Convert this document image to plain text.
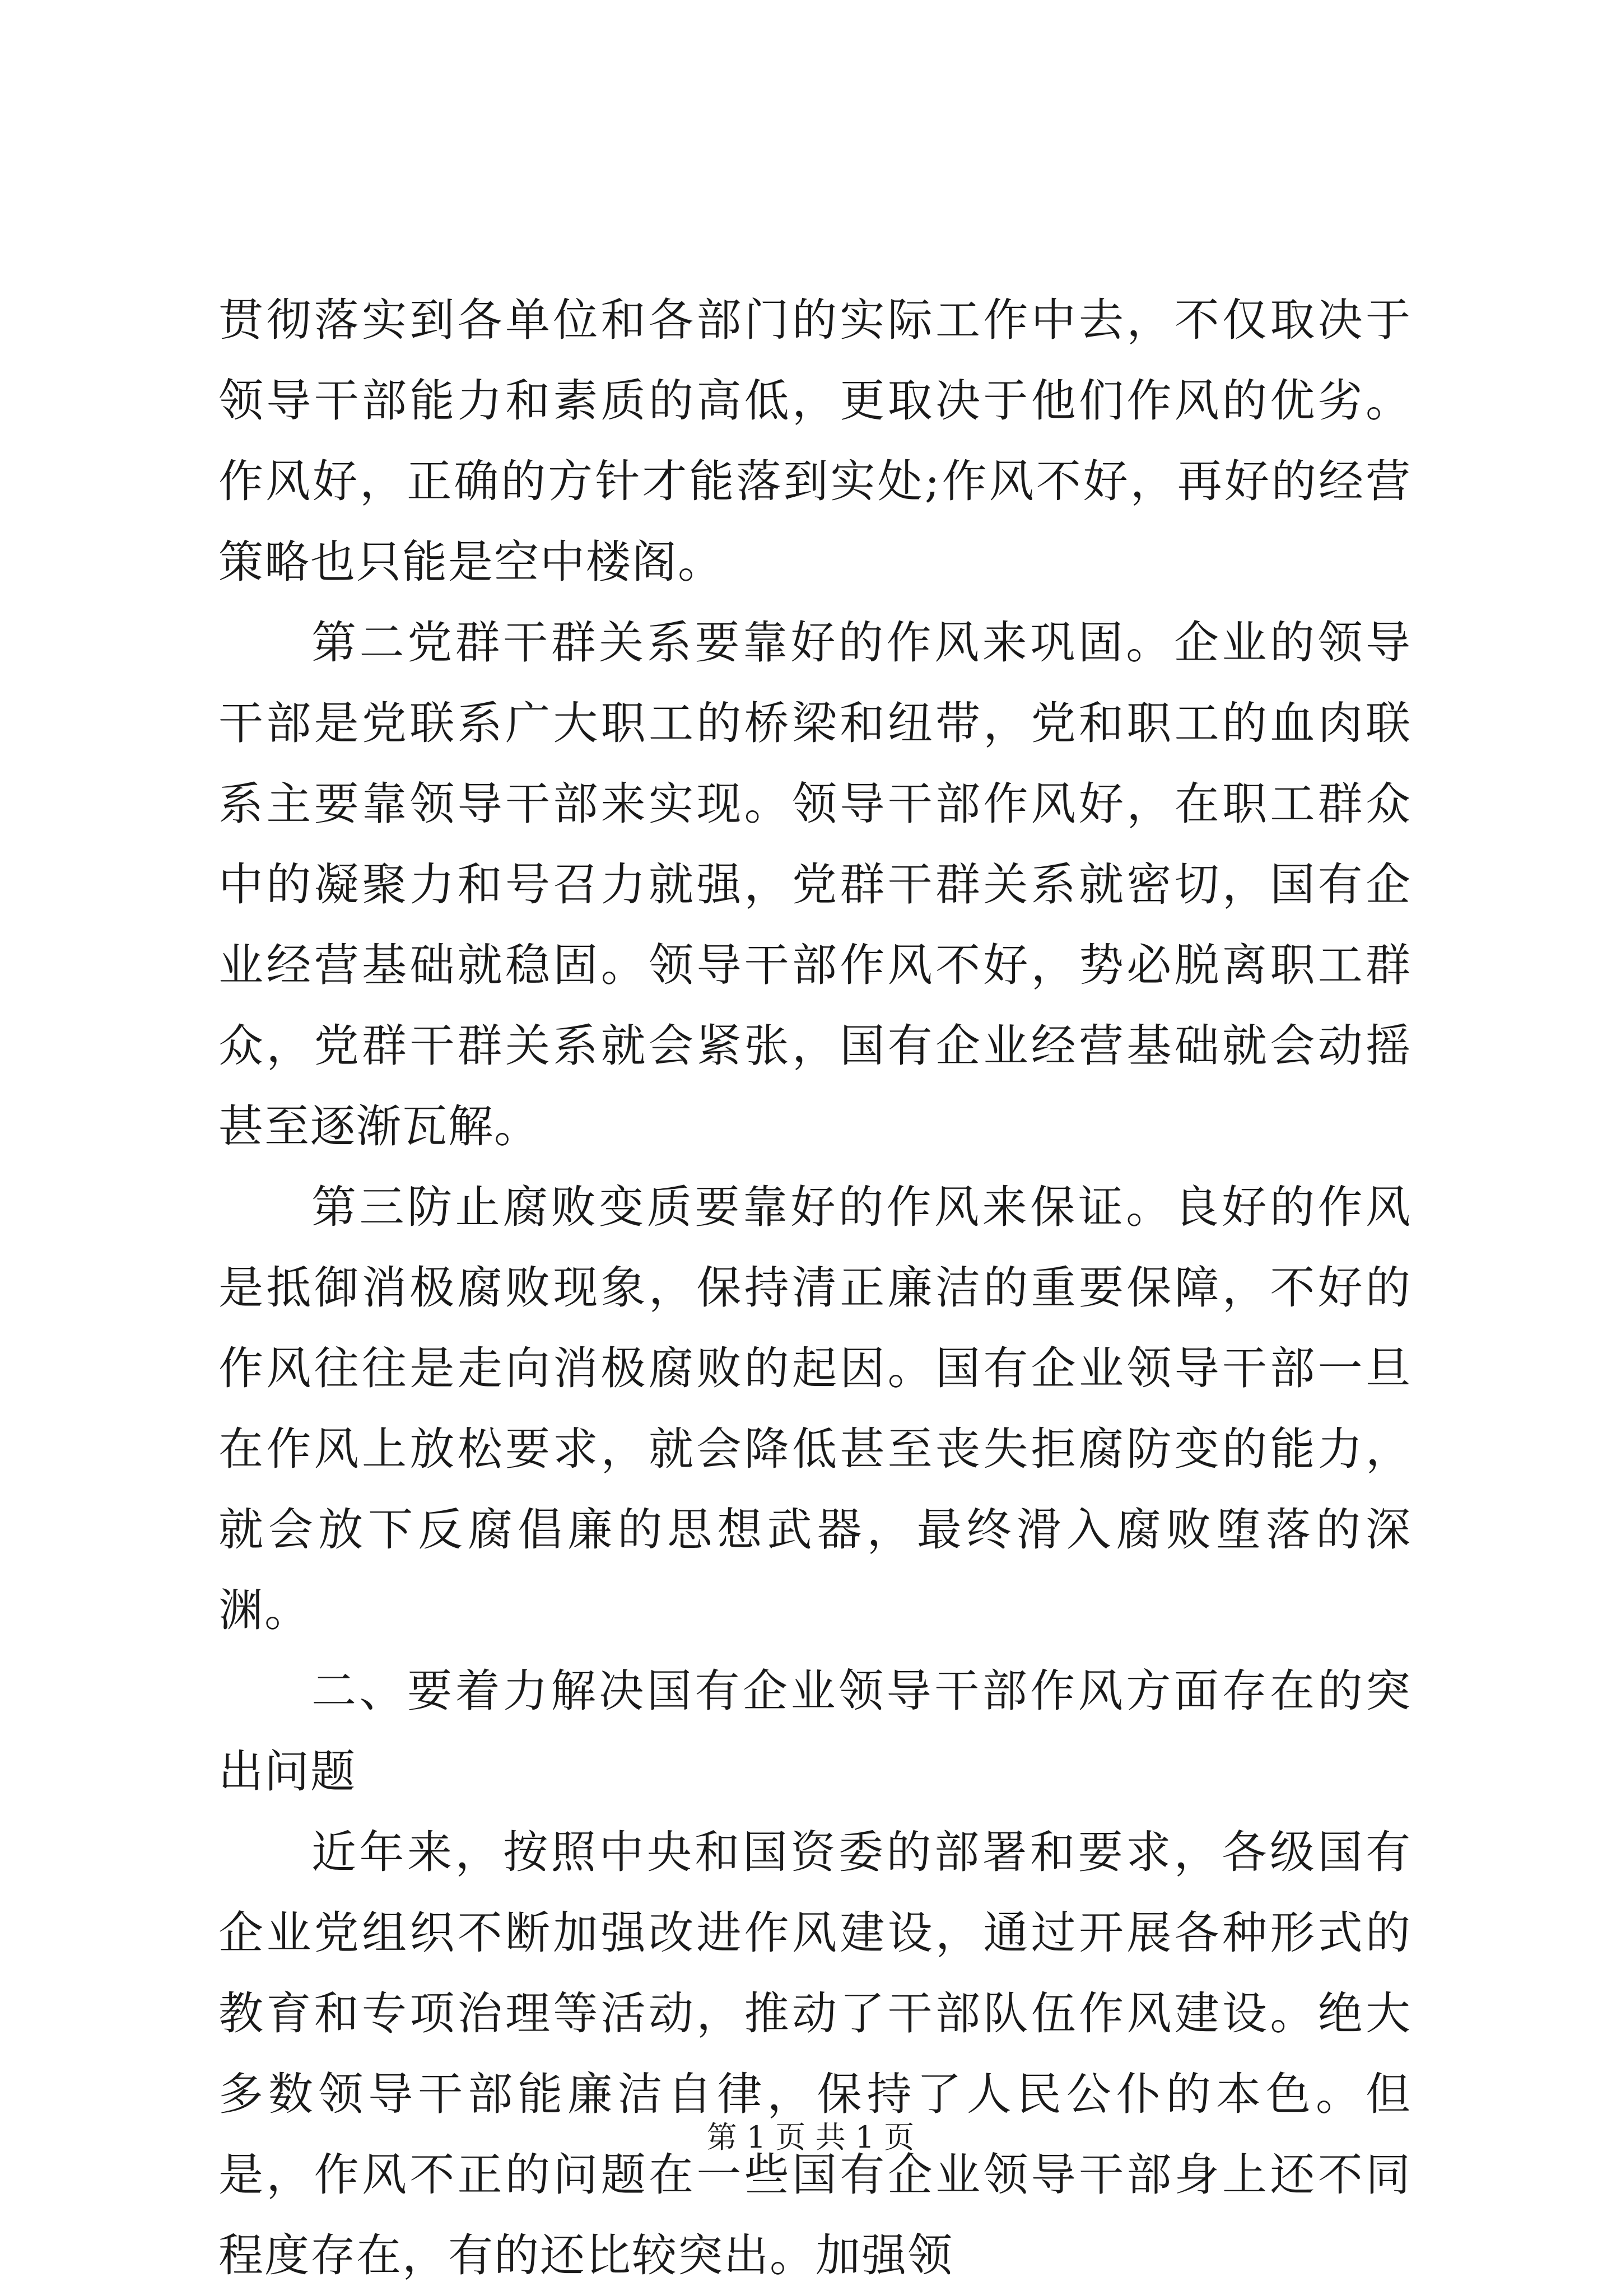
贯彻落实到各单位和各部门的实际工作中去，不仅取决于领导干部能力和素质的高低，更取决于他们作风的优劣。作风好，正确的方针才能落到实处;作风不好，再好的经营策略也只能是空中楼阁。

第二党群干群关系要靠好的作风来巩固。企业的领导干部是党联系广大职工的桥梁和纽带，党和职工的血肉联系主要靠领导干部来实现。领导干部作风好，在职工群众中的凝聚力和号召力就强，党群干群关系就密切，国有企业经营基础就稳固。领导干部作风不好，势必脱离职工群众，党群干群关系就会紧张，国有企业经营基础就会动摇甚至逐渐瓦解。

第三防止腐败变质要靠好的作风来保证。良好的作风是抵御消极腐败现象，保持清正廉洁的重要保障，不好的作风往往是走向消极腐败的起因。国有企业领导干部一旦在作风上放松要求，就会降低甚至丧失拒腐防变的能力，就会放下反腐倡廉的思想武器，最终滑入腐败堕落的深渊。

二、要着力解决国有企业领导干部作风方面存在的突出问题

近年来，按照中央和国资委的部署和要求，各级国有企业党组织不断加强改进作风建设，通过开展各种形式的教育和专项治理等活动，推动了干部队伍作风建设。绝大多数领导干部能廉洁自律，保持了人民公仆的本色。但是，作风不正的问题在一些国有企业领导干部身上还不同程度存在，有的还比较突出。加强领

第 1 页 共 1 页
